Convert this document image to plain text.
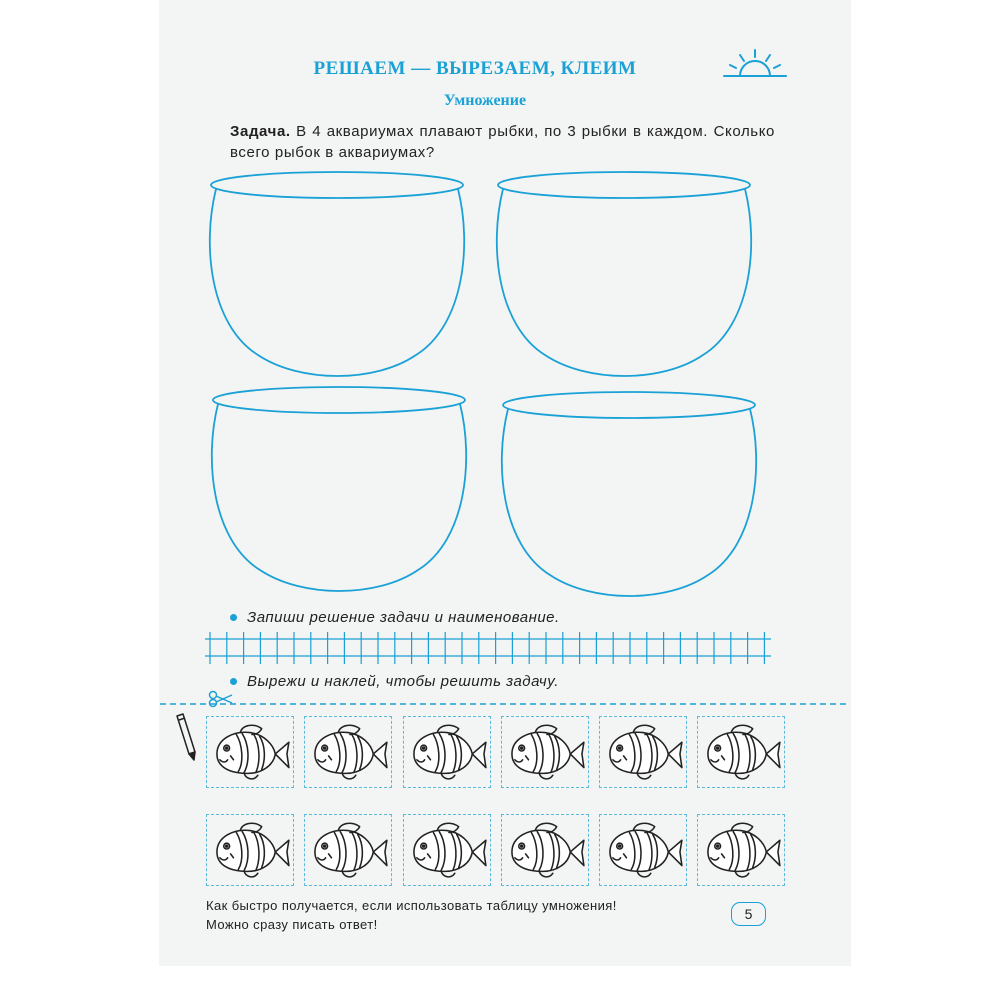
РЕШАЕМ — ВЫРЕЗАЕМ, КЛЕИМ
Умножение
Задача. В 4 аквариумах плавают рыбки, по 3 рыбки в каждом. Сколько всего рыбок в аквариумах?
Запиши решение задачи и наименование.
Вырежи и наклей, чтобы решить задачу.
Как быстро получается, если использовать таблицу умножения!
Можно сразу писать ответ!
5
